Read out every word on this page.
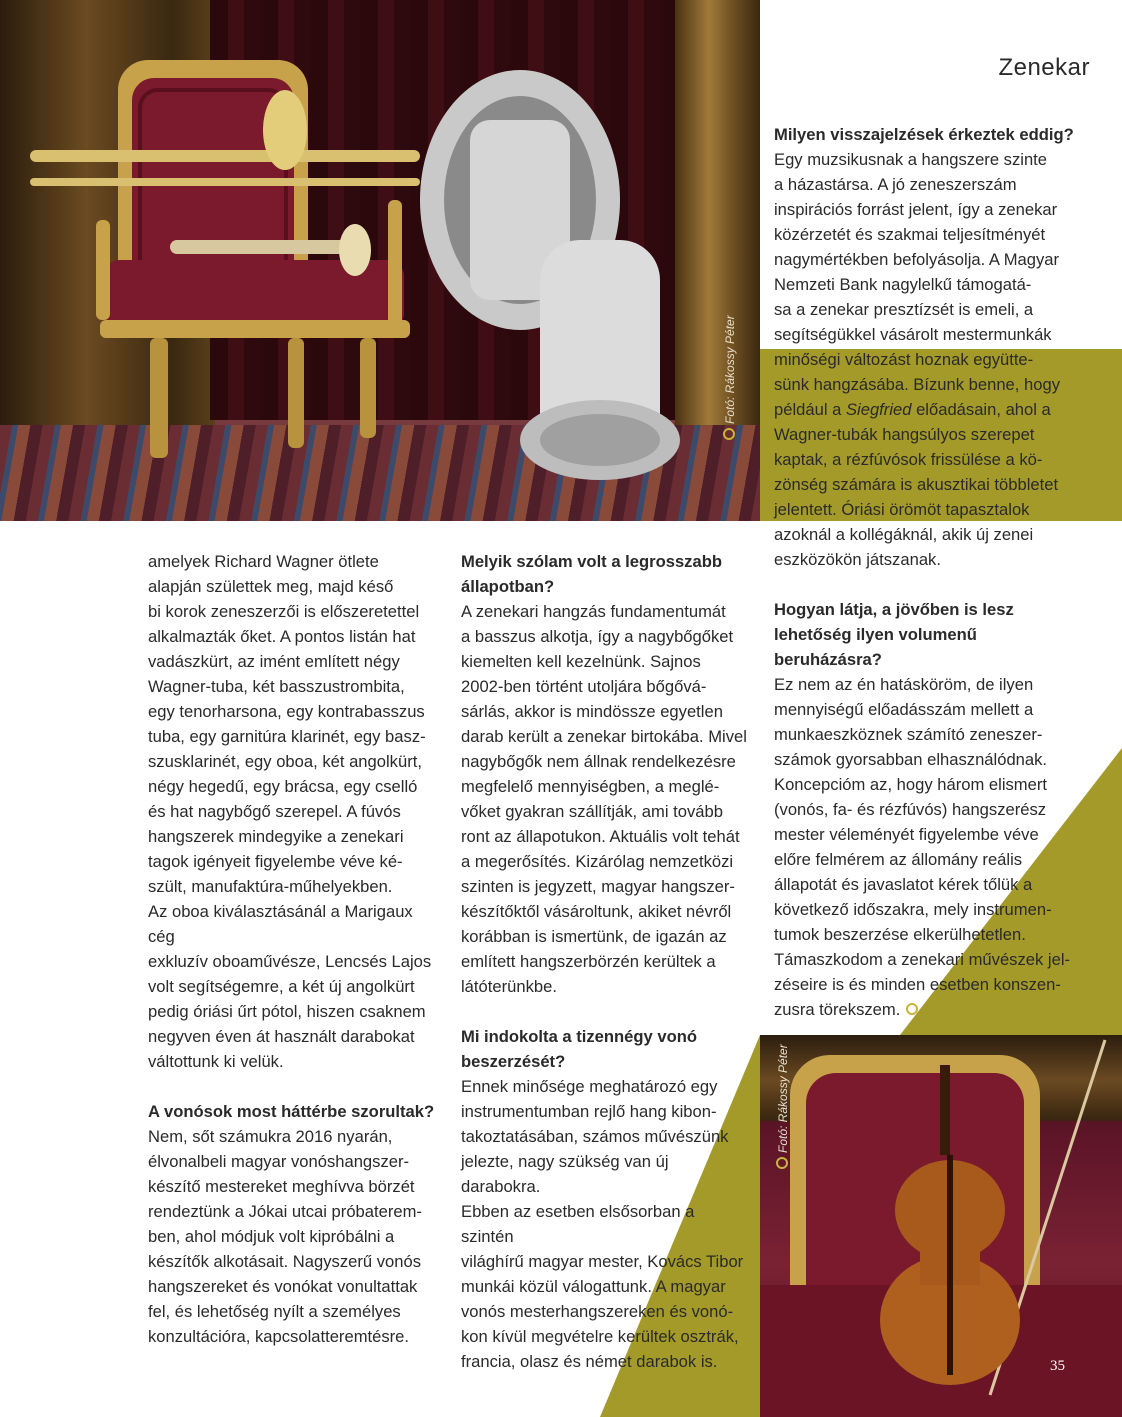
Fotó: Rákossy Péter
Zenekar

amelyek Richard Wagner ötlete

alapján születtek meg, majd késő

bi korok zeneszerzői is előszeretettel

alkalmazták őket. A pontos listán hat

vadászkürt, az imént említett négy

Wagner-tuba, két basszustrombita,

egy tenorharsona, egy kontrabasszus

tuba, egy garnitúra klarinét, egy basz-

szusklarinét, egy oboa, két angolkürt,

négy hegedű, egy brácsa, egy cselló

és hat nagybőgő szerepel. A fúvós

hangszerek mindegyike a zenekari

tagok igényeit figyelembe véve ké-

szült, manufaktúra-műhelyekben.

Az oboa kiválasztásánál a Marigaux cég

exkluzív oboaművésze, Lencsés Lajos

volt segítségemre, a két új angolkürt

pedig óriási űrt pótol, hiszen csaknem

negyven éven át használt darabokat

váltottunk ki velük.

A vonósok most háttérbe szorultak?

Nem, sőt számukra 2016 nyarán,

élvonalbeli magyar vonóshangszer-

készítő mestereket meghívva börzét

rendeztünk a Jókai utcai próbaterem-

ben, ahol módjuk volt kipróbálni a

készítők alkotásait. Nagyszerű vonós

hangszereket és vonókat vonultattak

fel, és lehetőség nyílt a személyes

konzultációra, kapcsolatteremtésre.

Melyik szólam volt a legrosszabb

állapotban?

A zenekari hangzás fundamentumát

a basszus alkotja, így a nagybőgőket

kiemelten kell kezelnünk. Sajnos

2002-ben történt utoljára bőgővá-

sárlás, akkor is mindössze egyetlen

darab került a zenekar birtokába. Mivel

nagybőgők nem állnak rendelkezésre

megfelelő mennyiségben, a meglé-

vőket gyakran szállítják, ami tovább

ront az állapotukon. Aktuális volt tehát

a megerősítés. Kizárólag nemzetközi

szinten is jegyzett, magyar hangszer-

készítőktől vásároltunk, akiket névről

korábban is ismertünk, de igazán az

említett hangszerbörzén kerültek a

látóterünkbe.

Mi indokolta a tizennégy vonó

beszerzését?

Ennek minősége meghatározó egy

instrumentumban rejlő hang kibon-

takoztatásában, számos művészünk

jelezte, nagy szükség van új darabokra.

Ebben az esetben elsősorban a szintén

világhírű magyar mester, Kovács Tibor

munkái közül válogattunk. A magyar

vonós mesterhangszereken és vonó-

kon kívül megvételre kerültek osztrák,

francia, olasz és német darabok is.

Milyen visszajelzések érkeztek eddig?

Egy muzsikusnak a hangszere szinte

a házastársa. A jó zeneszerszám

inspirációs forrást jelent, így a zenekar

közérzetét és szakmai teljesítményét

nagymértékben befolyásolja. A Magyar

Nemzeti Bank nagylelkű támogatá-

sa a zenekar presztízsét is emeli, a

segítségükkel vásárolt mestermunkák

minőségi változást hoznak együtte-

sünk hangzásába. Bízunk benne, hogy

például a Siegfried előadásain, ahol a

Wagner-tubák hangsúlyos szerepet

kaptak, a rézfúvósok frissülése a kö-

zönség számára is akusztikai többletet

jelentett. Óriási örömöt tapasztalok

azoknál a kollégáknál, akik új zenei

eszközökön játszanak.

Hogyan látja, a jövőben is lesz

lehetőség ilyen volumenű

beruházásra?

Ez nem az én hatásköröm, de ilyen

mennyiségű előadásszám mellett a

munkaeszköznek számító zeneszer-

számok gyorsabban elhasználódnak.

Koncepcióm az, hogy három elismert

(vonós, fa- és rézfúvós) hangszerész

mester véleményét figyelembe véve

előre felmérem az állomány reális

állapotát és javaslatot kérek tőlük a

következő időszakra, mely instrumen-

tumok beszerzése elkerülhetetlen.

Támaszkodom a zenekari művészek jel-

zéseire is és minden esetben konszen-

zusra törekszem.

Fotó: Rákossy Péter
35
